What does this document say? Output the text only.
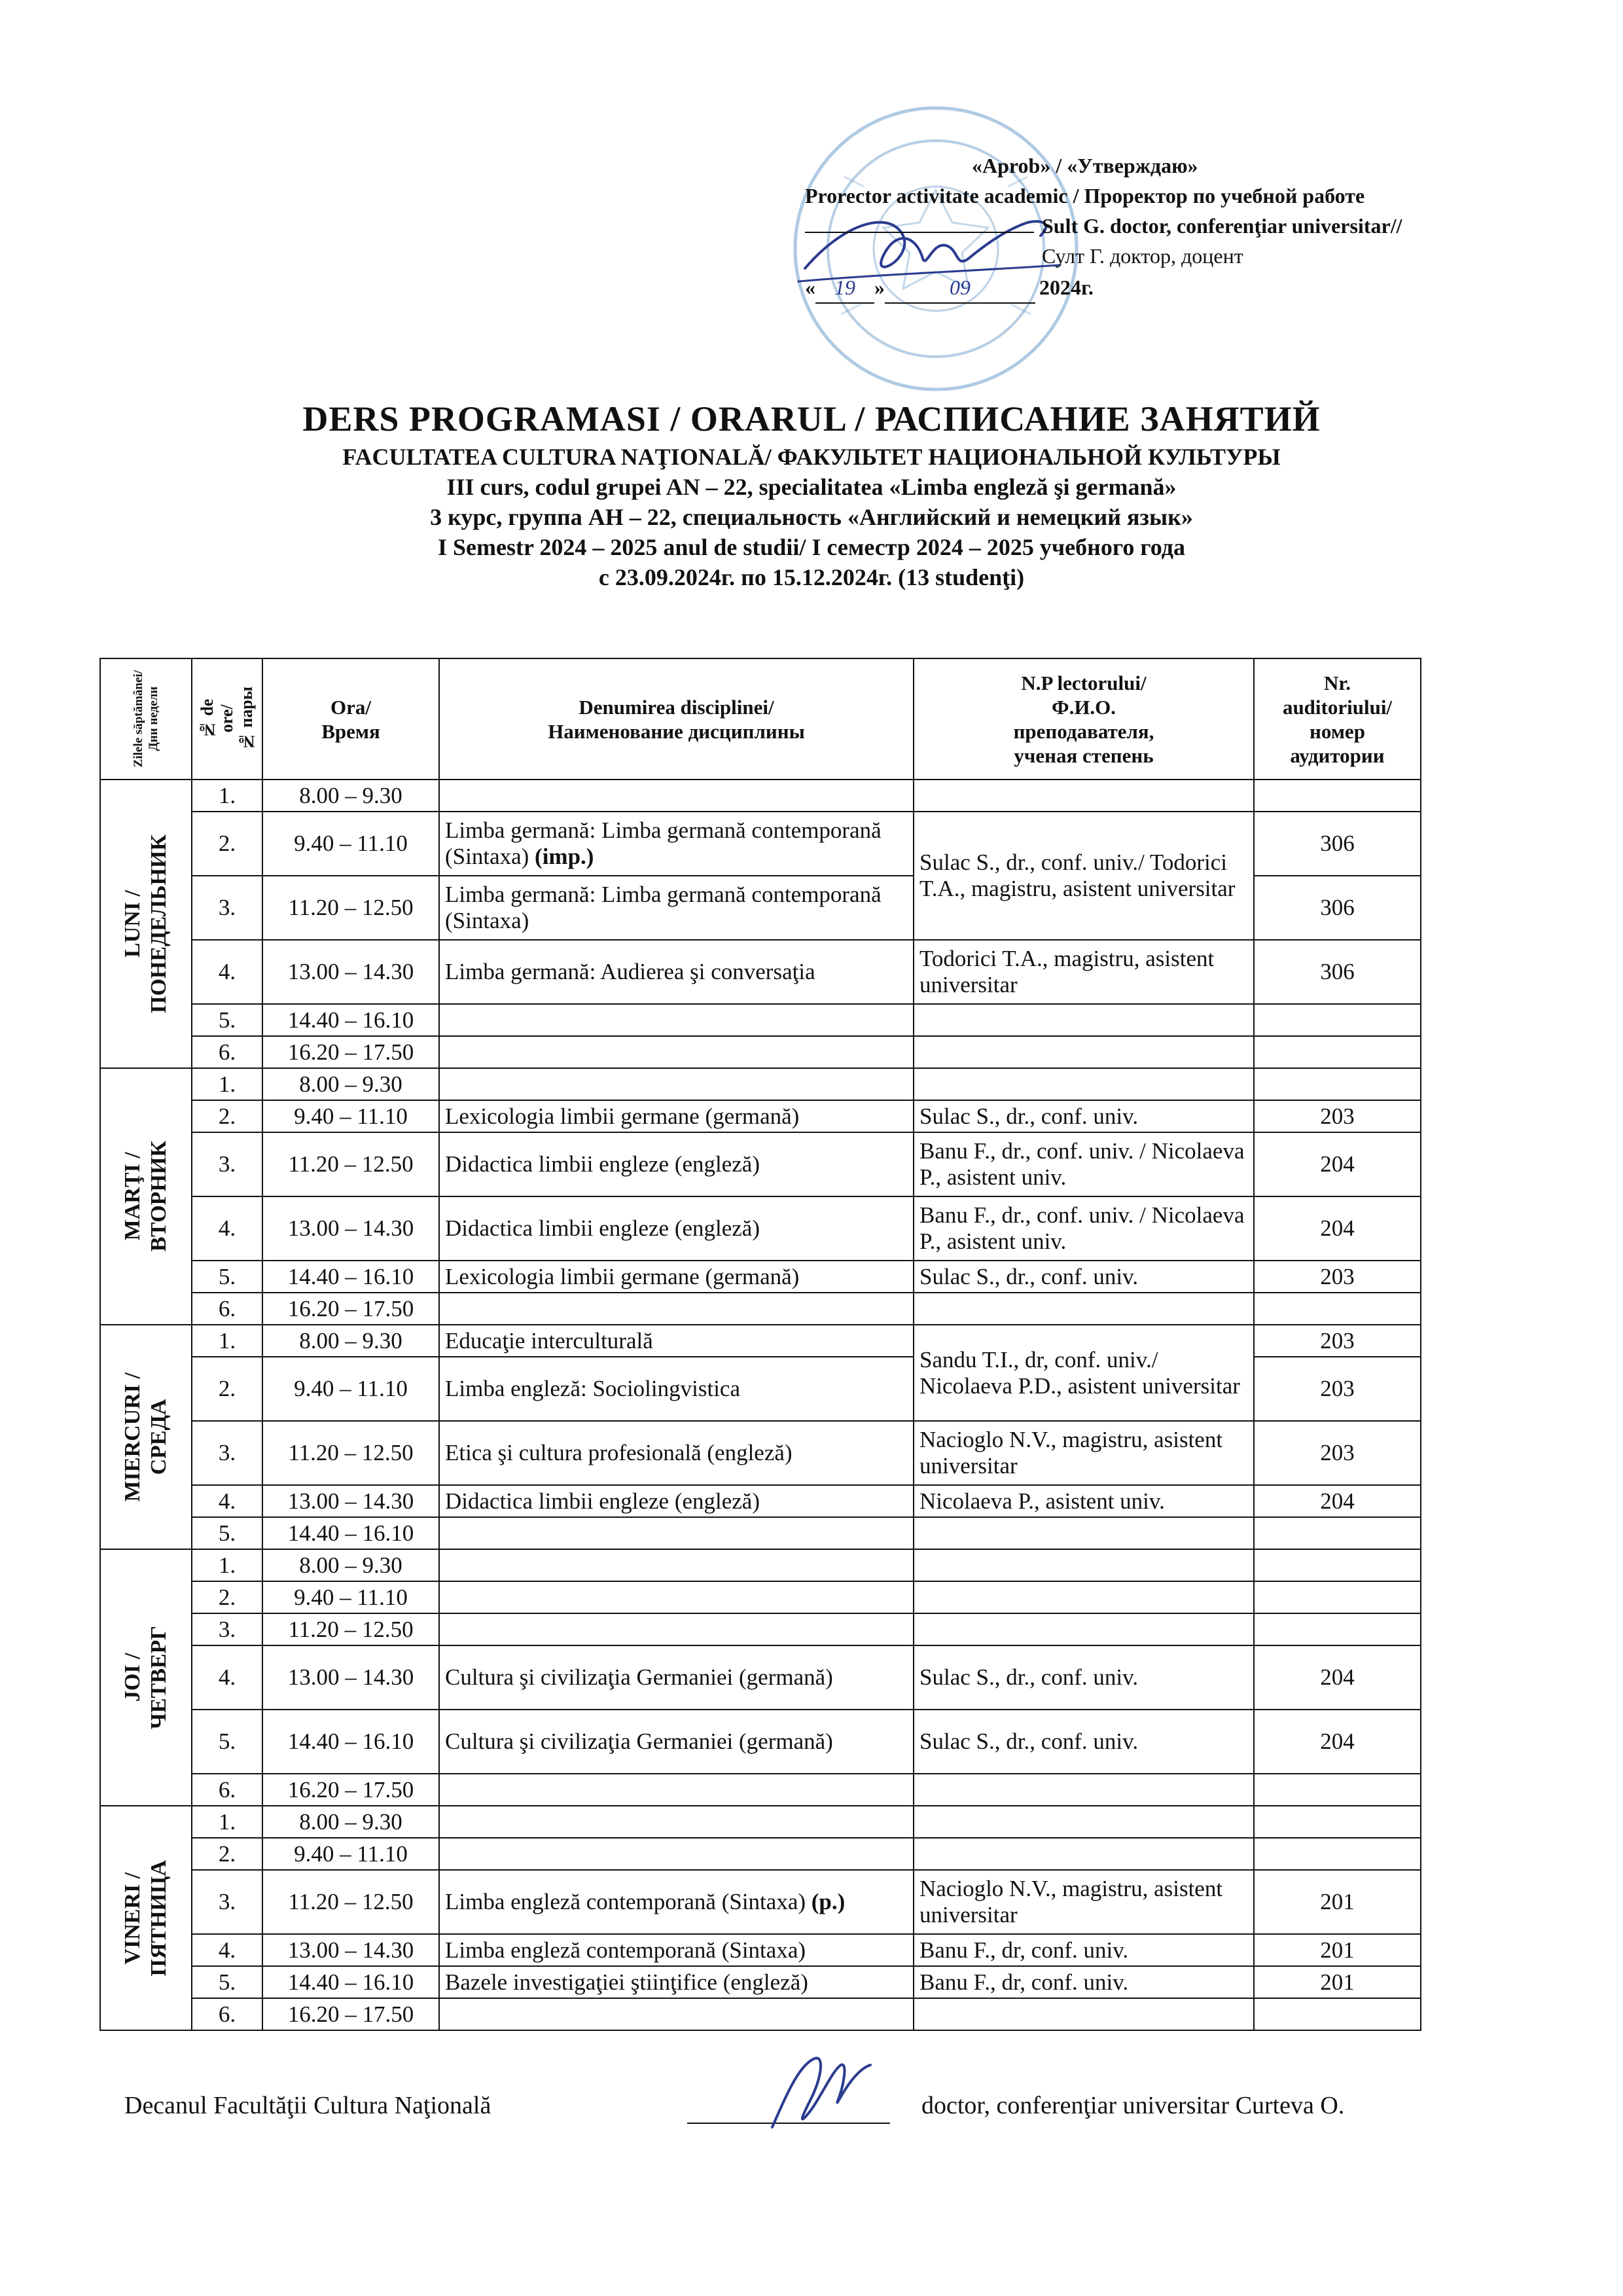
«Aprob» / «Утверждаю»
Prorector activitate academic / Проректор по учебной работе
Sult G. doctor, conferenţiar universitar//
Султ Г. доктор, доцент
« 19 »	09	2024г.
DERS PROGRAMASI / ORARUL / РАСПИСАНИЕ ЗАНЯТИЙ
FACULTATEA CULTURA NAŢIONALĂ/ ФАКУЛЬТЕТ НАЦИОНАЛЬНОЙ КУЛЬТУРЫ
III curs, codul grupei AN – 22, specialitatea «Limba engleză şi germană»
3 курс, группа АН – 22, специальность «Английский и немецкий язык»
I Semestr 2024 – 2025 anul de studii/ I семестр 2024 – 2025 учебного года
с 23.09.2024г. по 15.12.2024г. (13 studenţi)
Zilele săptămânei/ Дни недели	№ de
ore/
№ пары	Ora/
Время	Denumirea disciplinei/
Наименование дисциплины	N.P lectorului/
Ф.И.О.
преподавателя,
ученая степень	Nr.
auditoriului/
номер
аудитории

LUNI /
ПОНЕДЕЛЬНИК	1.	8.00 – 9.30			
	2.	9.40 – 11.10	Limba germană: Limba germană contemporană (Sintaxa) (imp.)	Sulac S., dr., conf. univ./ Todorici T.A., magistru, asistent universitar	306
	3.	11.20 – 12.50	Limba germană: Limba germană contemporană (Sintaxa)		306
	4.	13.00 – 14.30	Limba germană: Audierea şi conversaţia	Todorici T.A., magistru, asistent universitar	306
	5.	14.40 – 16.10			
	6.	16.20 – 17.50			

MARŢI /
ВТОРНИК	1.	8.00 – 9.30			
	2.	9.40 – 11.10	Lexicologia limbii germane (germană)	Sulac S., dr., conf. univ.	203
	3.	11.20 – 12.50	Didactica limbii engleze (engleză)	Banu F., dr., conf. univ. / Nicolaeva P., asistent univ.	204
	4.	13.00 – 14.30	Didactica limbii engleze (engleză)	Banu F., dr., conf. univ. / Nicolaeva P., asistent univ.	204
	5.	14.40 – 16.10	Lexicologia limbii germane (germană)	Sulac S., dr., conf. univ.	203
	6.	16.20 – 17.50			

MIERCURI /
СРЕДА	1.	8.00 – 9.30	Educaţie interculturală	Sandu T.I., dr, conf. univ./ Nicolaeva P.D., asistent universitar	203
	2.	9.40 – 11.10	Limba engleză: Sociolingvistica		203
	3.	11.20 – 12.50	Etica şi cultura profesională (engleză)	Nacioglo N.V., magistru, asistent universitar	203
	4.	13.00 – 14.30	Didactica limbii engleze (engleză)	Nicolaeva P., asistent univ.	204
	5.	14.40 – 16.10			

JOI /
ЧЕТВЕРГ	1.	8.00 – 9.30			
	2.	9.40 – 11.10			
	3.	11.20 – 12.50			
	4.	13.00 – 14.30	Cultura şi civilizaţia Germaniei (germană)	Sulac S., dr., conf. univ.	204
	5.	14.40 – 16.10	Cultura şi civilizaţia Germaniei (germană)	Sulac S., dr., conf. univ.	204
	6.	16.20 – 17.50			

VINERI /
ПЯТНИЦА	1.	8.00 – 9.30			
	2.	9.40 – 11.10			
	3.	11.20 – 12.50	Limba engleză contemporană (Sintaxa) (p.)	Nacioglo N.V., magistru, asistent universitar	201
	4.	13.00 – 14.30	Limba engleză contemporană (Sintaxa)	Banu F., dr, conf. univ.	201
	5.	14.40 – 16.10	Bazele investigaţiei ştiinţifice (engleză)	Banu F., dr, conf. univ.	201
	6.	16.20 – 17.50			
Decanul Facultăţii Cultura Naţională	doctor, conferenţiar universitar Curteva O.
